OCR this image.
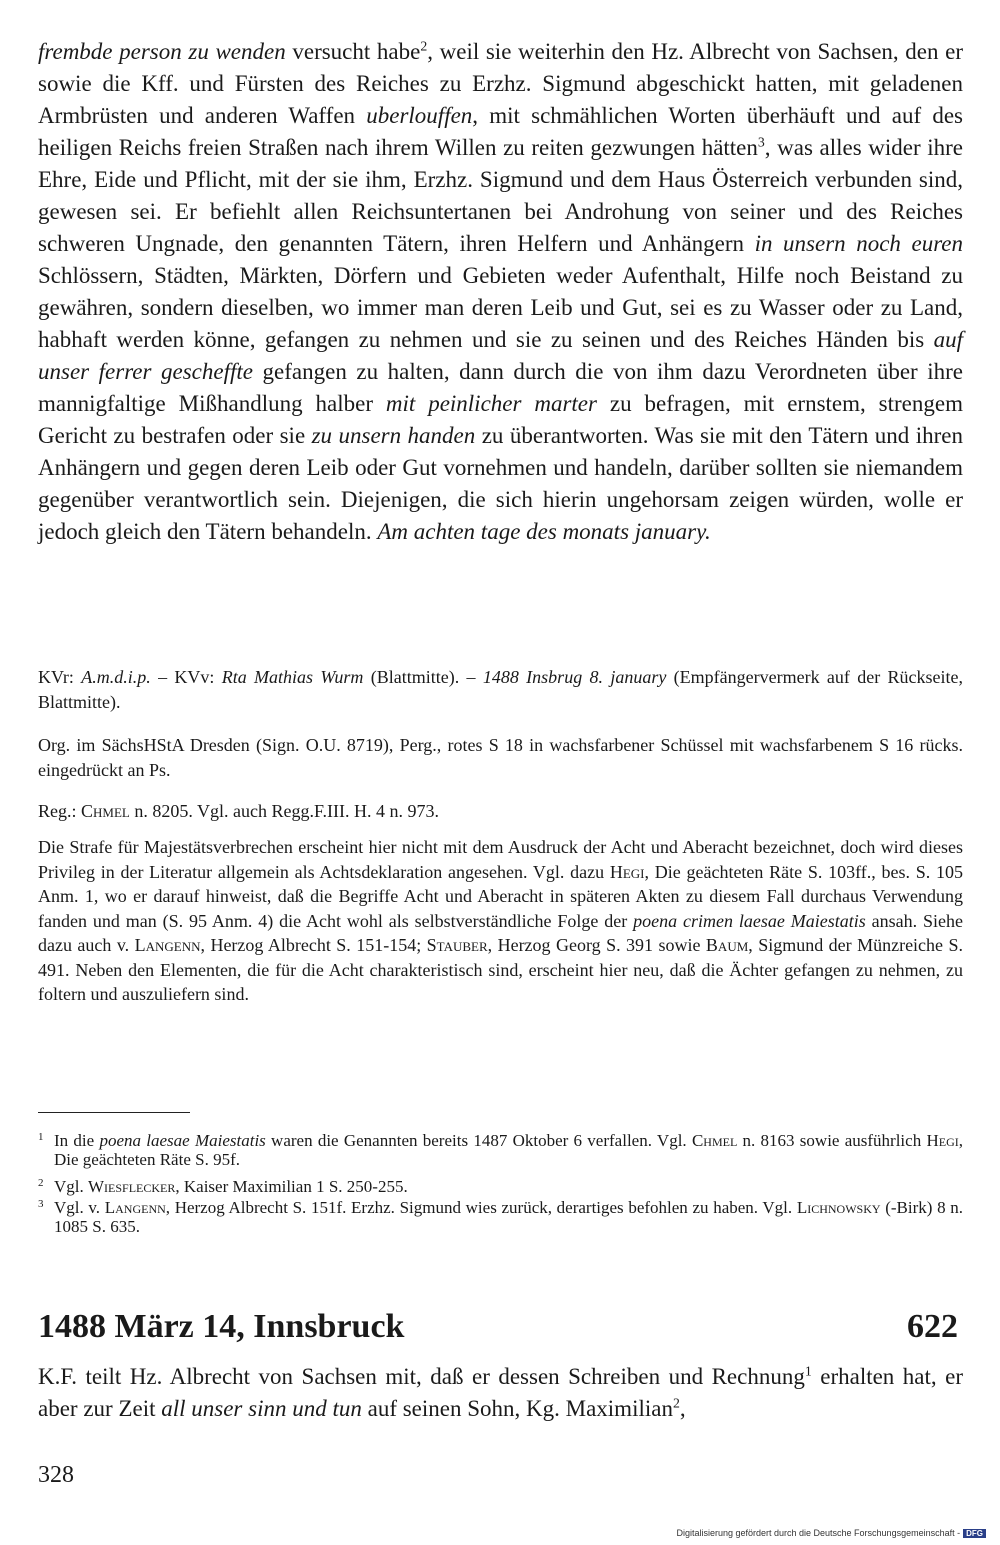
frembde person zu wenden versucht habe$^2$, weil sie weiterhin den Hz. Albrecht von Sachsen, den er sowie die Kff. und Fürsten des Reiches zu Erzhz. Sigmund abgeschickt hatten, mit geladenen Armbrüsten und anderen Waffen uberlouffen, mit schmählichen Worten überhäuft und auf des heiligen Reichs freien Straßen nach ihrem Willen zu reiten gezwungen hätten$^3$, was alles wider ihre Ehre, Eide und Pflicht, mit der sie ihm, Erzhz. Sigmund und dem Haus Österreich verbunden sind, gewesen sei. Er befiehlt allen Reichsuntertanen bei Androhung von seiner und des Reiches schweren Ungnade, den genannten Tätern, ihren Helfern und Anhängern in unsern noch euren Schlössern, Städten, Märkten, Dörfern und Gebieten weder Aufenthalt, Hilfe noch Beistand zu gewähren, sondern dieselben, wo immer man deren Leib und Gut, sei es zu Wasser oder zu Land, habhaft werden könne, gefangen zu nehmen und sie zu seinen und des Reiches Händen bis auf unser ferrer gescheffte gefangen zu halten, dann durch die von ihm dazu Verordneten über ihre mannigfaltige Mißhandlung halber mit peinlicher marter zu befragen, mit ernstem, strengem Gericht zu bestrafen oder sie zu unsern handen zu überantworten. Was sie mit den Tätern und ihren Anhängern und gegen deren Leib oder Gut vornehmen und handeln, darüber sollten sie niemandem gegenüber verantwortlich sein. Diejenigen, die sich hierin ungehorsam zeigen würden, wolle er jedoch gleich den Tätern behandeln. Am achten tage des monats january.

KVr: A.m.d.i.p. – KVv: Rta Mathias Wurm (Blattmitte). – 1488 Insbrug 8. january (Empfängervermerk auf der Rückseite, Blattmitte).

Org. im SächsHStA Dresden (Sign. O.U. 8719), Perg., rotes S 18 in wachsfarbener Schüssel mit wachsfarbenem S 16 rücks. eingedrückt an Ps.

Reg.: Chmel n. 8205. Vgl. auch Regg.F.III. H. 4 n. 973.

Die Strafe für Majestätsverbrechen erscheint hier nicht mit dem Ausdruck der Acht und Aberacht bezeichnet, doch wird dieses Privileg in der Literatur allgemein als Achtsdeklaration angesehen. Vgl. dazu Hegi, Die geächteten Räte S. 103ff., bes. S. 105 Anm. 1, wo er darauf hinweist, daß die Begriffe Acht und Aberacht in späteren Akten zu diesem Fall durchaus Verwendung fanden und man (S. 95 Anm. 4) die Acht wohl als selbstverständliche Folge der poena crimen laesae Maiestatis ansah. Siehe dazu auch v. Langenn, Herzog Albrecht S. 151-154; Stauber, Herzog Georg S. 391 sowie Baum, Sigmund der Münzreiche S. 491. Neben den Elementen, die für die Acht charakteristisch sind, erscheint hier neu, daß die Ächter gefangen zu nehmen, zu foltern und auszuliefern sind.

1 In die poena laesae Maiestatis waren die Genannten bereits 1487 Oktober 6 verfallen. Vgl. Chmel n. 8163 sowie ausführlich Hegi, Die geächteten Räte S. 95f.
2 Vgl. Wiesflecker, Kaiser Maximilian 1 S. 250-255.
3 Vgl. v. Langenn, Herzog Albrecht S. 151f. Erzhz. Sigmund wies zurück, derartiges befohlen zu haben. Vgl. Lichnowsky (-Birk) 8 n. 1085 S. 635.
1488 März 14, Innsbruck	622

K.F. teilt Hz. Albrecht von Sachsen mit, daß er dessen Schreiben und Rechnung$^1$ erhalten hat, er aber zur Zeit all unser sinn und tun auf seinen Sohn, Kg. Maximilian$^2$,

328
Digitalisierung gefördert durch die Deutsche Forschungsgemeinschaft - DFG
